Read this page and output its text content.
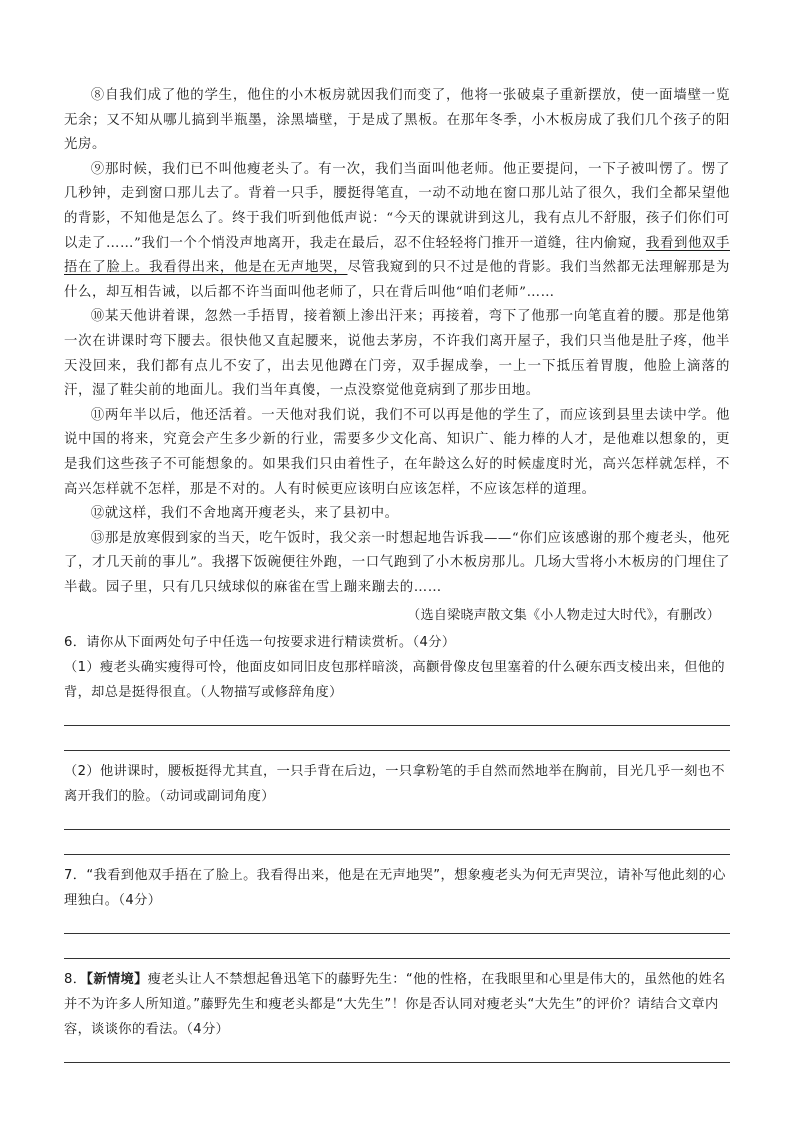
⑧自我们成了他的学生，他住的小木板房就因我们而变了，他将一张破桌子重新摆放，使一面墙壁一览无余；又不知从哪儿搞到半瓶墨，涂黑墙壁，于是成了黑板。在那年冬季，小木板房成了我们几个孩子的阳光房。

⑨那时候，我们已不叫他瘦老头了。有一次，我们当面叫他老师。他正要提问，一下子被叫愣了。愣了几秒钟，走到窗口那儿去了。背着一只手，腰挺得笔直，一动不动地在窗口那儿站了很久，我们全都呆望他的背影，不知他是怎么了。终于我们听到他低声说：“今天的课就讲到这儿，我有点儿不舒服，孩子们你们可以走了……”我们一个个悄没声地离开，我走在最后，忍不住轻轻将门推开一道缝，往内偷窥，我看到他双手捂在了脸上。我看得出来，他是在无声地哭，尽管我窥到的只不过是他的背影。我们当然都无法理解那是为什么，却互相告诫，以后都不许当面叫他老师了，只在背后叫他“咱们老师”……

⑩某天他讲着课，忽然一手捂胃，接着额上渗出汗来；再接着，弯下了他那一向笔直着的腰。那是他第一次在讲课时弯下腰去。很快他又直起腰来，说他去茅房，不许我们离开屋子，我们只当他是肚子疼，他半天没回来，我们都有点儿不安了，出去见他蹲在门旁，双手握成拳，一上一下抵压着胃腹，他脸上滴落的汗，湿了鞋尖前的地面儿。我们当年真傻，一点没察觉他竟病到了那步田地。

⑪两年半以后，他还活着。一天他对我们说，我们不可以再是他的学生了，而应该到县里去读中学。他说中国的将来，究竟会产生多少新的行业，需要多少文化高、知识广、能力棒的人才，是他难以想象的，更是我们这些孩子不可能想象的。如果我们只由着性子，在年龄这么好的时候虚度时光，高兴怎样就怎样，不高兴怎样就不怎样，那是不对的。人有时候更应该明白应该怎样，不应该怎样的道理。

⑫就这样，我们不舍地离开瘦老头，来了县初中。

⑬那是放寒假到家的当天，吃午饭时，我父亲一时想起地告诉我——“你们应该感谢的那个瘦老头，他死了，才几天前的事儿”。我撂下饭碗便往外跑，一口气跑到了小木板房那儿。几场大雪将小木板房的门埋住了半截。园子里，只有几只绒球似的麻雀在雪上蹦来蹦去的……

（选自梁晓声散文集《小人物走过大时代》，有删改）

6．请你从下面两处句子中任选一句按要求进行精读赏析。（4分）

（1）瘦老头确实瘦得可怜，他面皮如同旧皮包那样暗淡，高颧骨像皮包里塞着的什么硬东西支棱出来，但他的背，却总是挺得很直。（人物描写或修辞角度）

（2）他讲课时，腰板挺得尤其直，一只手背在后边，一只拿粉笔的手自然而然地举在胸前，目光几乎一刻也不离开我们的脸。（动词或副词角度）

7．“我看到他双手捂在了脸上。我看得出来，他是在无声地哭”，想象瘦老头为何无声哭泣，请补写他此刻的心理独白。（4分）

8．【新情境】瘦老头让人不禁想起鲁迅笔下的藤野先生：“他的性格，在我眼里和心里是伟大的，虽然他的姓名并不为许多人所知道。”藤野先生和瘦老头都是“大先生”！你是否认同对瘦老头“大先生”的评价？请结合文章内容，谈谈你的看法。（4分）
